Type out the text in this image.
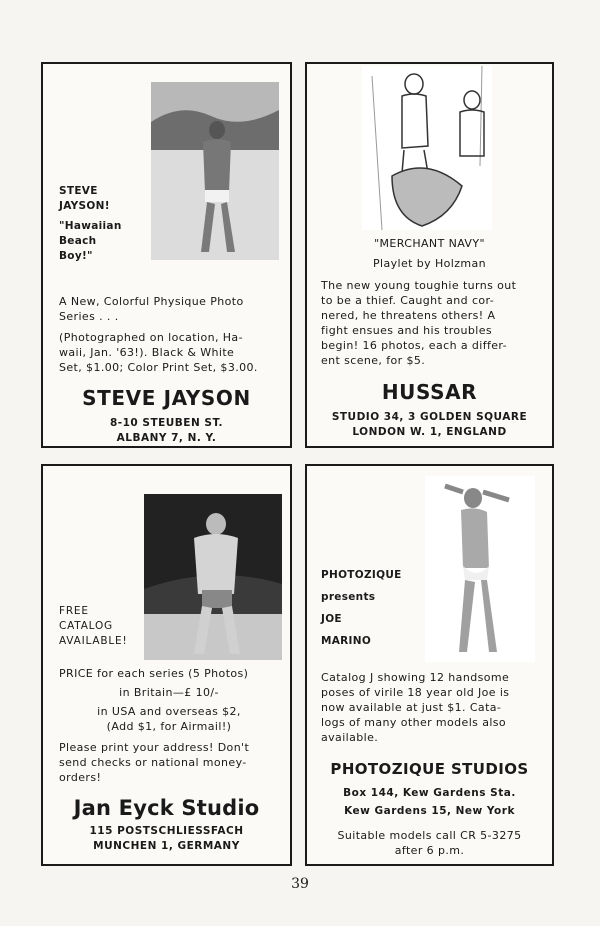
STEVE
JAYSON!
"Hawaiian
Beach
Boy!"
A New, Colorful Physique Photo
Series . . .
(Photographed on location, Ha-
waii, Jan. '63!). Black & White
Set, $1.00; Color Print Set, $3.00.
STEVE JAYSON
8-10 STEUBEN ST.
ALBANY 7, N. Y.
"MERCHANT NAVY"
Playlet by Holzman
The new young toughie turns out
to be a thief. Caught and cor-
nered, he threatens others! A
fight ensues and his troubles
begin! 16 photos, each a differ-
ent scene, for $5.
HUSSAR
STUDIO 34, 3 GOLDEN SQUARE
LONDON W. 1, ENGLAND
FREE
CATALOG
AVAILABLE!
PRICE for each series (5 Photos)
in Britain—£ 10/-
in USA and overseas $2,
(Add $1, for Airmail!)
Please print your address! Don't
send checks or national money-
orders!
Jan Eyck Studio
115 POSTSCHLIESSFACH
MUNCHEN 1, GERMANY
PHOTOZIQUE
presents
JOE
MARINO
Catalog J showing 12 handsome
poses of virile 18 year old Joe is
now available at just $1. Cata-
logs of many other models also
available.
PHOTOZIQUE STUDIOS
Box 144, Kew Gardens Sta.
Kew Gardens 15, New York
Suitable models call CR 5-3275
after 6 p.m.
39
